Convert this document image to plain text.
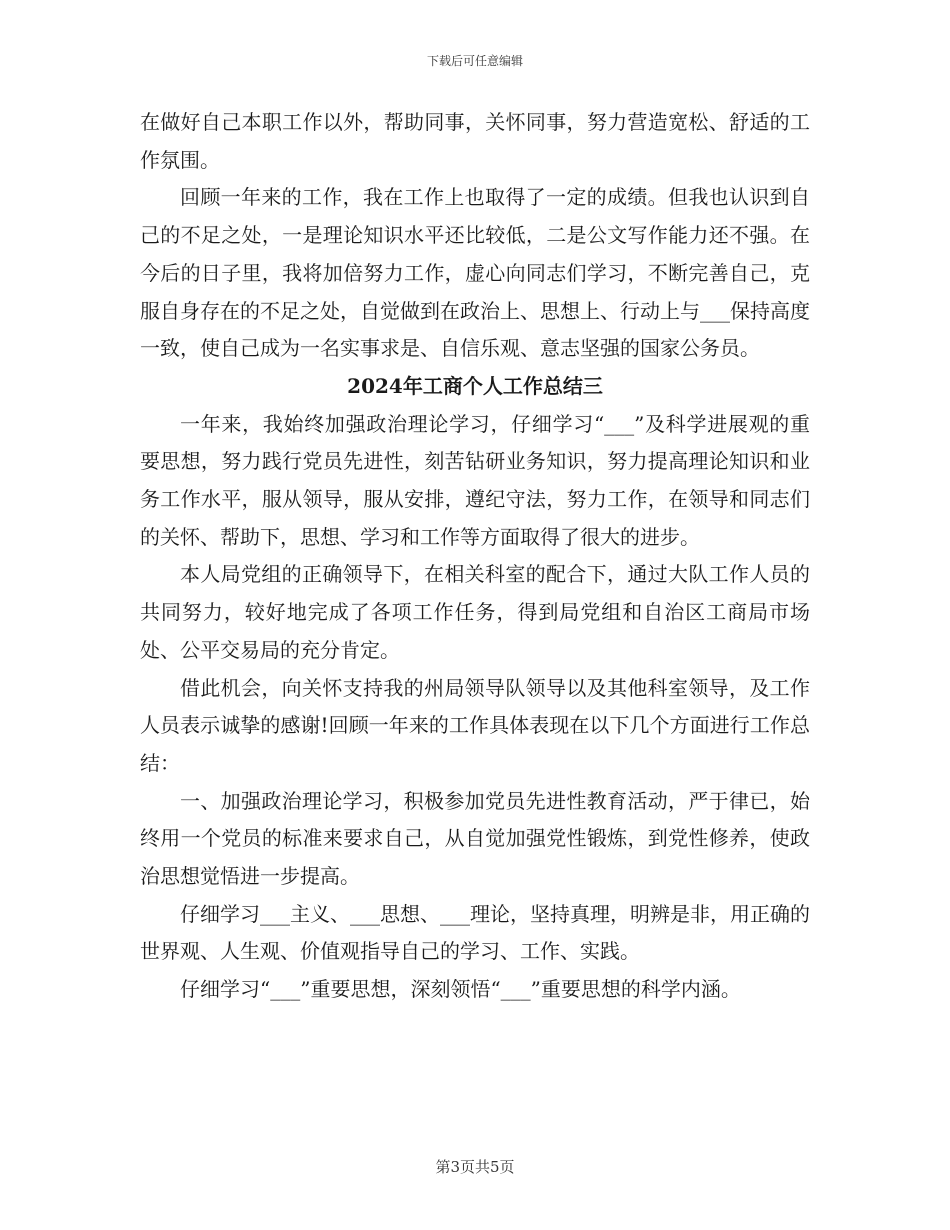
下载后可任意编辑

在做好自己本职工作以外，帮助同事，关怀同事，努力营造宽松、舒适的工作氛围。

回顾一年来的工作，我在工作上也取得了一定的成绩。但我也认识到自己的不足之处，一是理论知识水平还比较低，二是公文写作能力还不强。在今后的日子里，我将加倍努力工作，虚心向同志们学习，不断完善自己，克服自身存在的不足之处，自觉做到在政治上、思想上、行动上与___保持高度一致，使自己成为一名实事求是、自信乐观、意志坚强的国家公务员。

2024年工商个人工作总结三

一年来，我始终加强政治理论学习，仔细学习“___”及科学进展观的重要思想，努力践行党员先进性，刻苦钻研业务知识，努力提高理论知识和业务工作水平，服从领导，服从安排，遵纪守法，努力工作，在领导和同志们的关怀、帮助下，思想、学习和工作等方面取得了很大的进步。

本人局党组的正确领导下，在相关科室的配合下，通过大队工作人员的共同努力，较好地完成了各项工作任务，得到局党组和自治区工商局市场处、公平交易局的充分肯定。

借此机会，向关怀支持我的州局领导队领导以及其他科室领导，及工作人员表示诚挚的感谢!回顾一年来的工作具体表现在以下几个方面进行工作总结：

一、加强政治理论学习，积极参加党员先进性教育活动，严于律已，始终用一个党员的标准来要求自己，从自觉加强党性锻炼，到党性修养，使政治思想觉悟进一步提高。

仔细学习___主义、___思想、___理论，坚持真理，明辨是非，用正确的世界观、人生观、价值观指导自己的学习、工作、实践。

仔细学习“___”重要思想，深刻领悟“___”重要思想的科学内涵。

第3页共5页
